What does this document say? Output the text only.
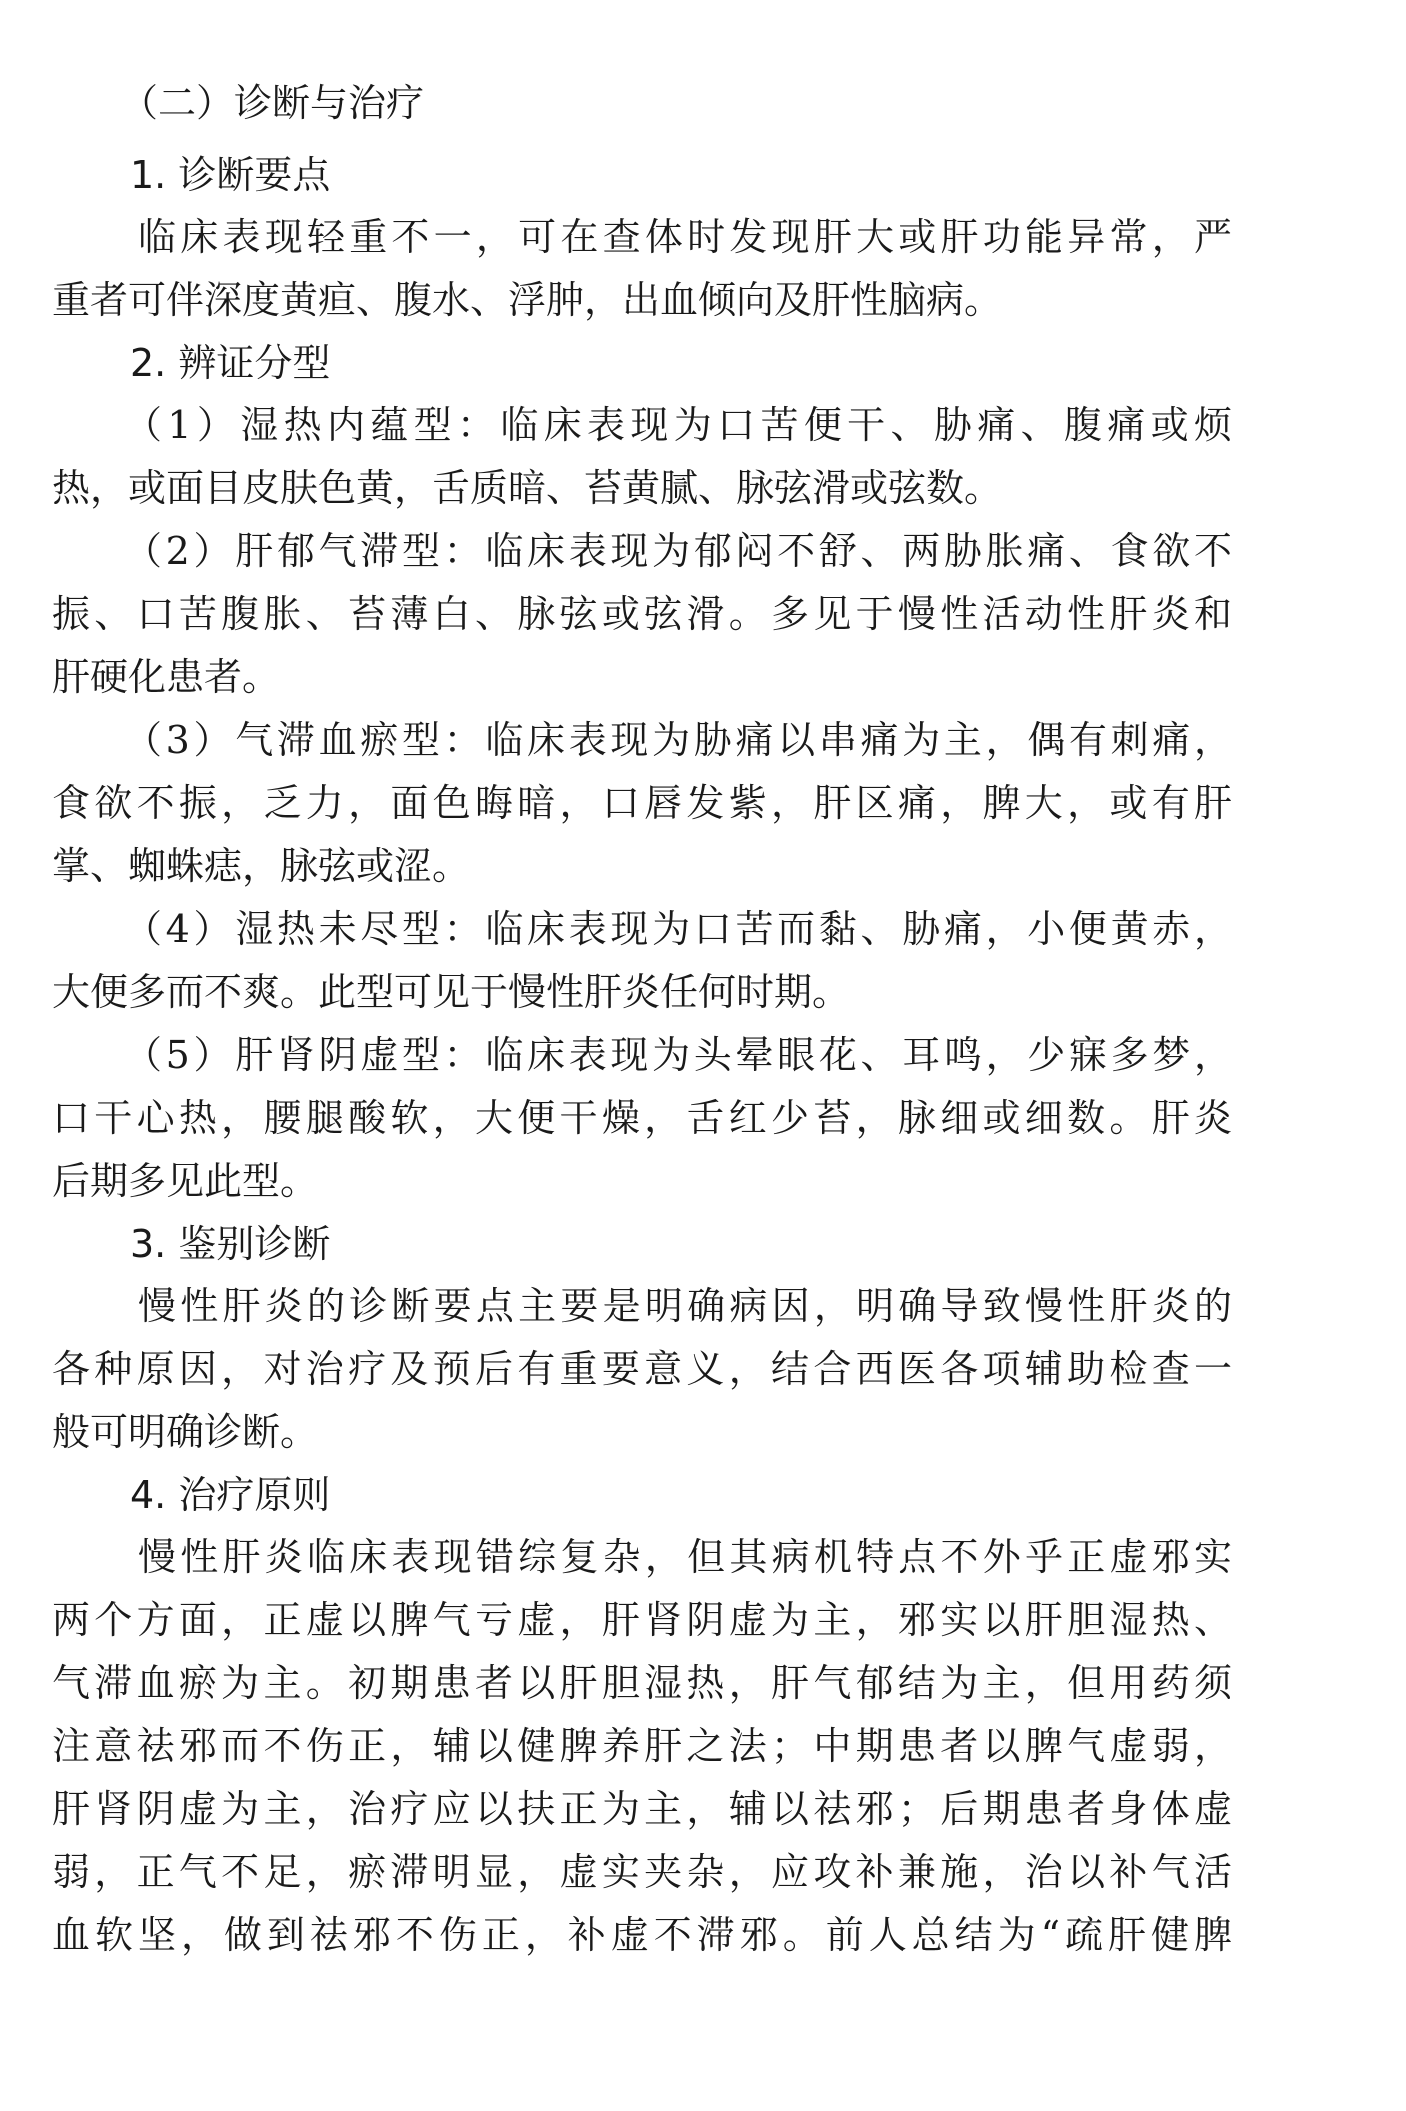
（二）诊断与治疗
1. 诊断要点

临床表现轻重不一，可在查体时发现肝大或肝功能异常，严

重者可伴深度黄疸、腹水、浮肿，出血倾向及肝性脑病。

2. 辨证分型

（1）湿热内蕴型：临床表现为口苦便干、胁痛、腹痛或烦

热，或面目皮肤色黄，舌质暗、苔黄腻、脉弦滑或弦数。

（2）肝郁气滞型：临床表现为郁闷不舒、两胁胀痛、食欲不

振、口苦腹胀、苔薄白、脉弦或弦滑。多见于慢性活动性肝炎和

肝硬化患者。

（3）气滞血瘀型：临床表现为胁痛以串痛为主，偶有刺痛，

食欲不振，乏力，面色晦暗，口唇发紫，肝区痛，脾大，或有肝

掌、蜘蛛痣，脉弦或涩。

（4）湿热未尽型：临床表现为口苦而黏、胁痛，小便黄赤，

大便多而不爽。此型可见于慢性肝炎任何时期。

（5）肝肾阴虚型：临床表现为头晕眼花、耳鸣，少寐多梦，

口干心热，腰腿酸软，大便干燥，舌红少苔，脉细或细数。肝炎

后期多见此型。

3. 鉴别诊断

慢性肝炎的诊断要点主要是明确病因，明确导致慢性肝炎的

各种原因，对治疗及预后有重要意义，结合西医各项辅助检查一

般可明确诊断。

4. 治疗原则

慢性肝炎临床表现错综复杂，但其病机特点不外乎正虚邪实

两个方面，正虚以脾气亏虚，肝肾阴虚为主，邪实以肝胆湿热、

气滞血瘀为主。初期患者以肝胆湿热，肝气郁结为主，但用药须

注意祛邪而不伤正，辅以健脾养肝之法；中期患者以脾气虚弱，

肝肾阴虚为主，治疗应以扶正为主，辅以祛邪；后期患者身体虚

弱，正气不足，瘀滞明显，虚实夹杂，应攻补兼施，治以补气活

血软坚，做到祛邪不伤正，补虚不滞邪。前人总结为“疏肝健脾
